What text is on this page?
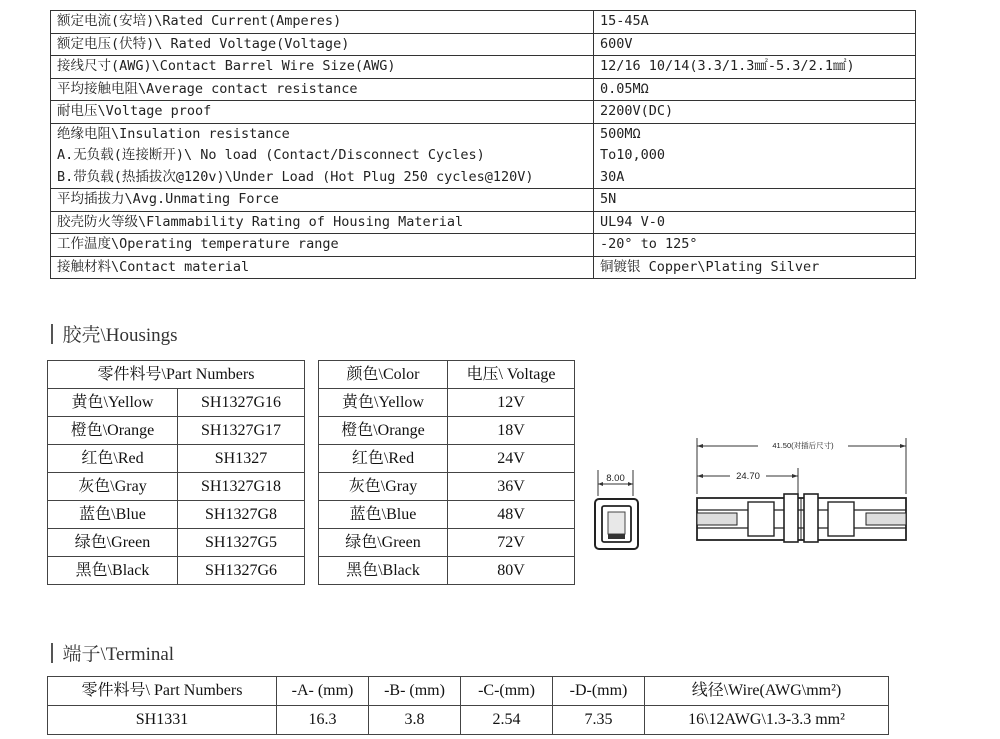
额定电流(安培)\Rated Current(Amperes)	15-45A
额定电压(伏特)\ Rated Voltage(Voltage)	600V
接线尺寸(AWG)\Contact Barrel Wire Size(AWG)	12/16 10/14(3.3/1.3㎟-5.3/2.1㎟)
平均接触电阻\Average contact resistance	0.05MΩ
耐电压\Voltage proof	2200V(DC)
绝缘电阻\Insulation resistance	500MΩ
A.无负载(连接断开)\ No load (Contact/Disconnect Cycles)	To10,000
B.带负载(热插拔次@120v)\Under Load (Hot Plug 250 cycles@120V)	30A
平均插拔力\Avg.Unmating Force	5N
胶壳防火等级\Flammability Rating of Housing Material	UL94 V-0
工作温度\Operating temperature range	-20° to 125°
接触材料\Contact material	铜镀银 Copper\Plating Silver
胶壳\Housings
零件料号\Part Numbers	
黄色\Yellow	SH1327G16
橙色\Orange	SH1327G17
红色\Red	SH1327
灰色\Gray	SH1327G18
蓝色\Blue	SH1327G8
绿色\Green	SH1327G5
黑色\Black	SH1327G6
颜色\Color	电压\ Voltage
黄色\Yellow	12V
橙色\Orange	18V
红色\Red	24V
灰色\Gray	36V
蓝色\Blue	48V
绿色\Green	72V
黑色\Black	80V
8.00
41.50(对插后尺寸)
24.70
端子\Terminal
零件料号\ Part Numbers	-A- (mm)	-B- (mm)	-C-(mm)	-D-(mm)	线径\Wire(AWG\mm²)
SH1331	16.3	3.8	2.54	7.35	16\12AWG\1.3-3.3 mm²
